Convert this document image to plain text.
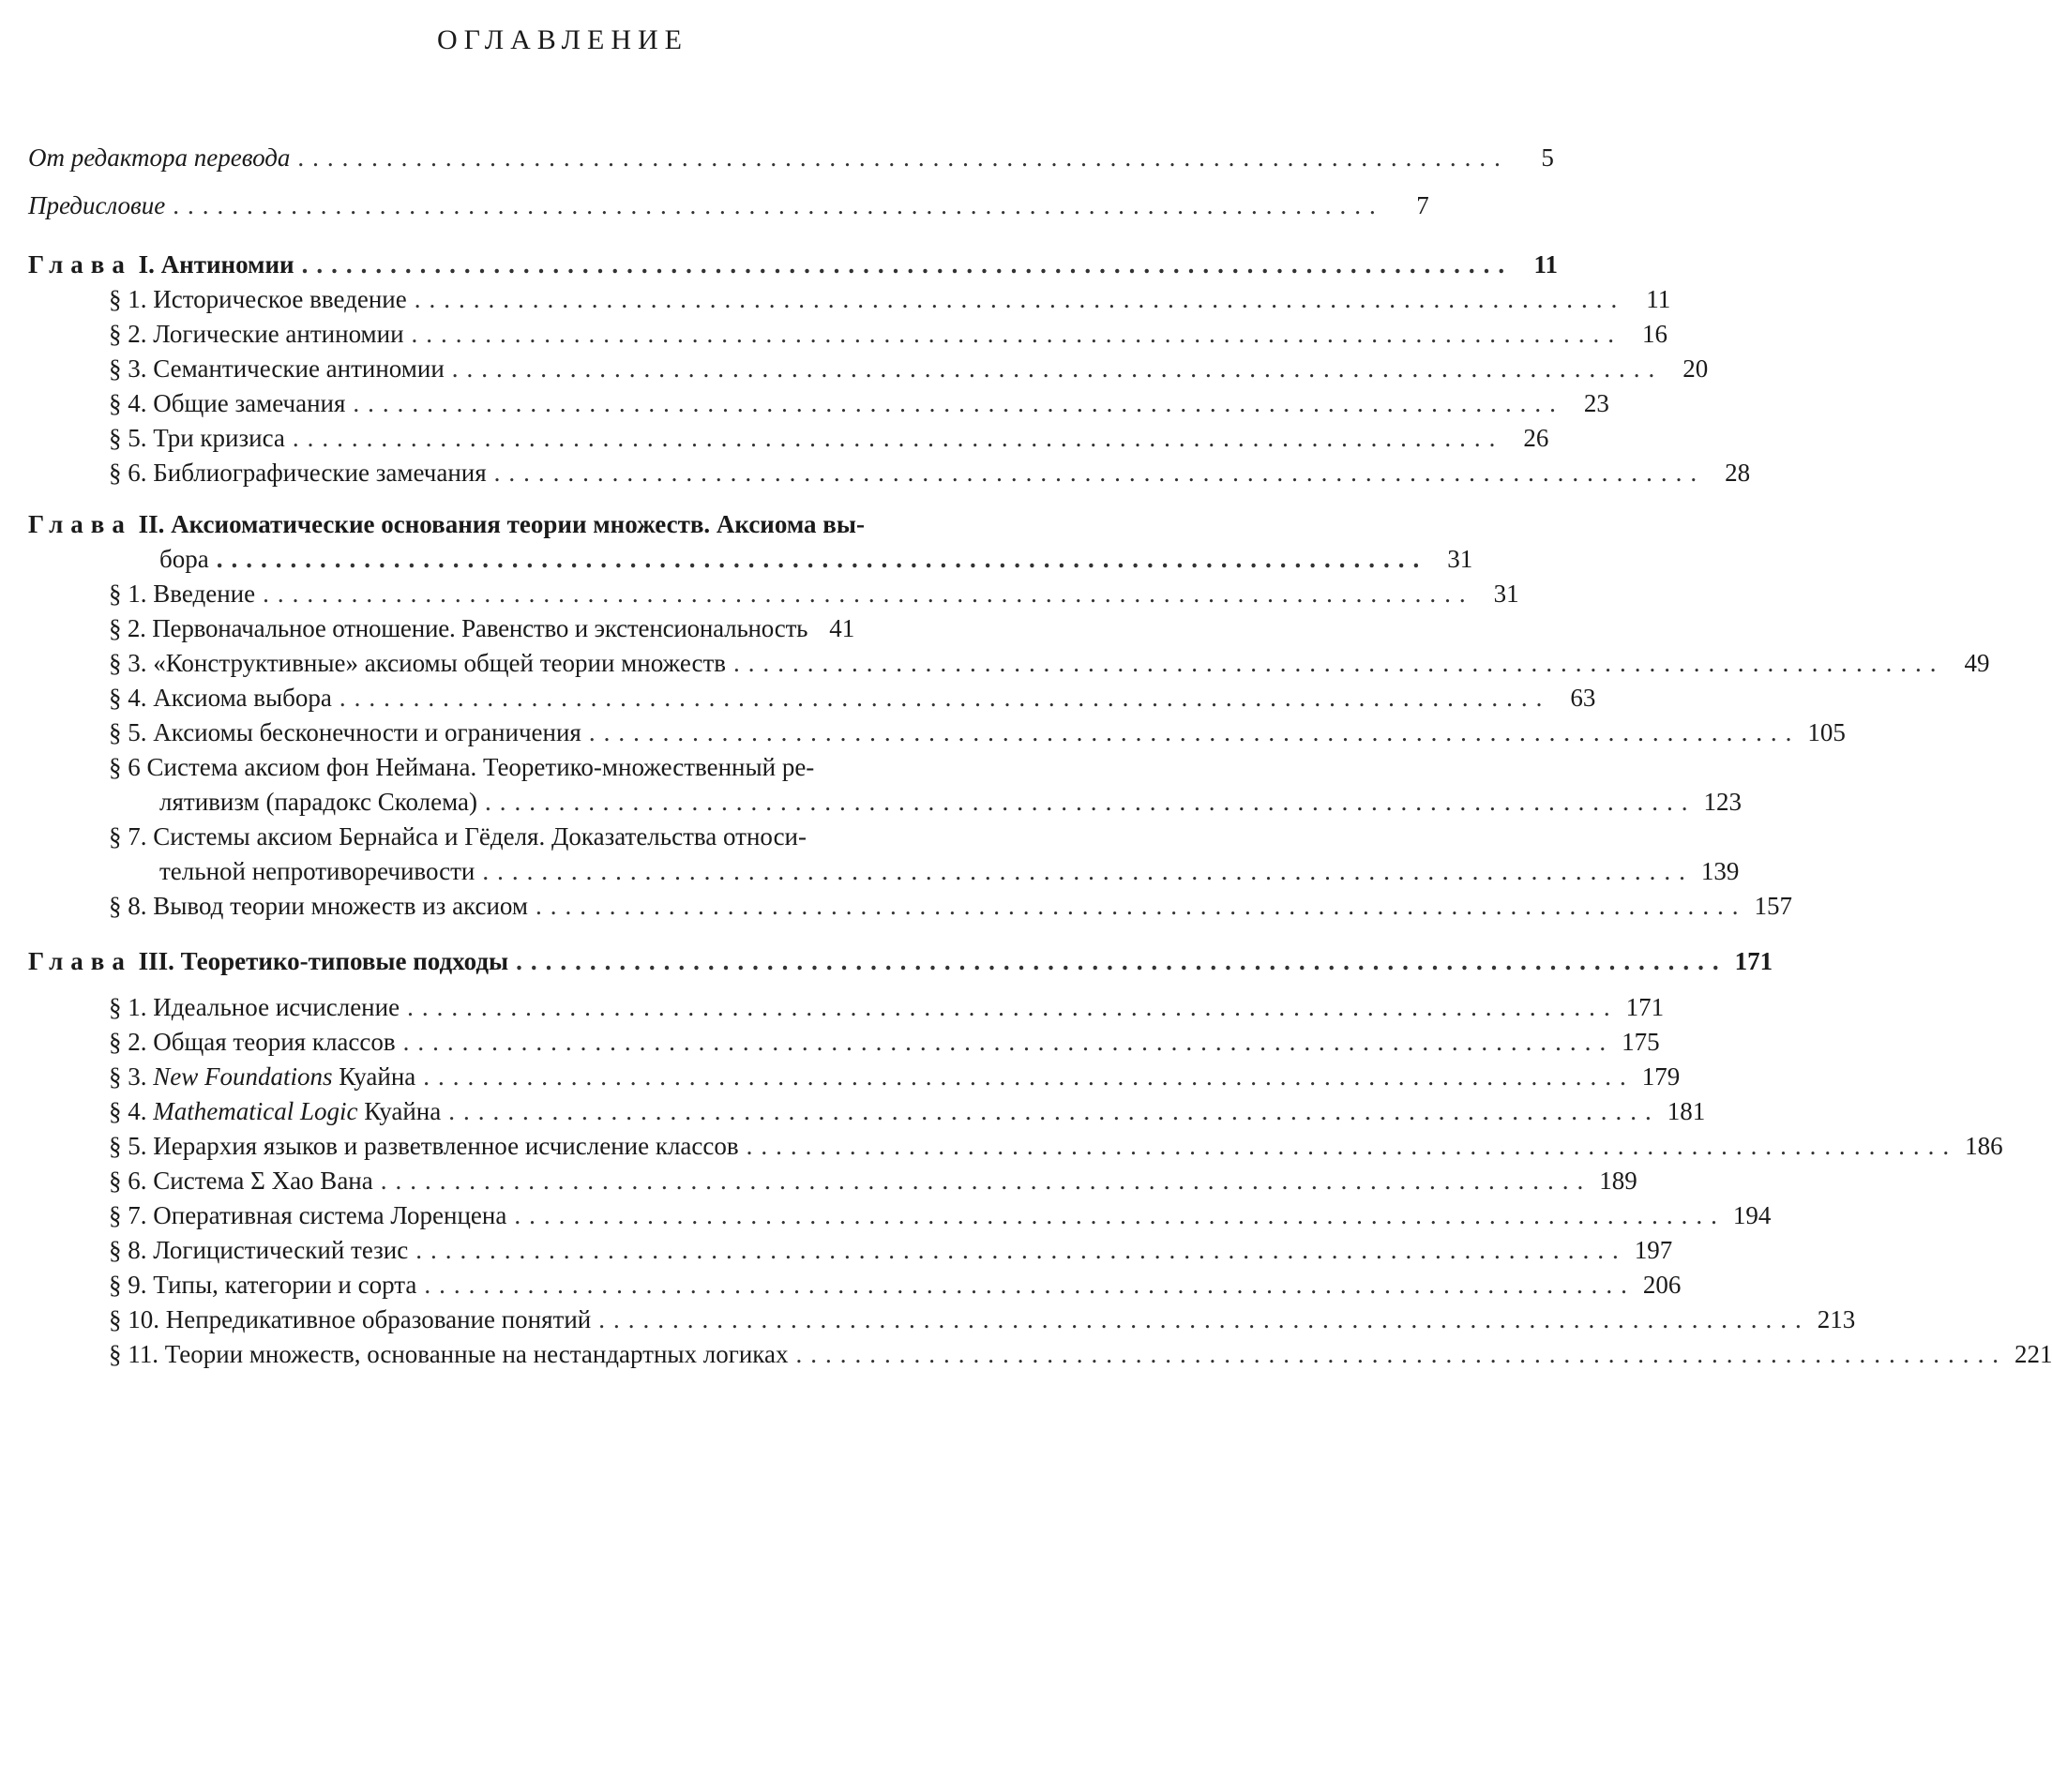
ОГЛАВЛЕНИЕ
От редактора перевода ..................................................................................	5
Предисловие ..................................................................................	7
Глава I. Антиномии .................................................................................. 11
§ 1. Историческое введение .................................................................................. 11
§ 2. Логические антиномии .................................................................................. 16
§ 3. Семантические антиномии .................................................................................. 20
§ 4. Общие замечания .................................................................................. 23
§ 5. Три кризиса .................................................................................. 26
§ 6. Библиографические замечания .................................................................................. 28
Глава II. Аксиоматические основания теории множеств. Аксиома вы-
бора .................................................................................. 31
§ 1. Введение .................................................................................. 31
§ 2. Первоначальное отношение. Равенство и экстенсиональность 41
§ 3. «Конструктивные» аксиомы общей теории множеств .................................................................................. 49
§ 4. Аксиома выбора .................................................................................. 63
§ 5. Аксиомы бесконечности и ограничения .................................................................................. 105
§ 6 Система аксиом фон Неймана. Теоретико-множественный ре-
лятивизм (парадокс Сколема) .................................................................................. 123
§ 7. Системы аксиом Бернайса и Гёделя. Доказательства относи-
тельной непротиворечивости .................................................................................. 139
§ 8. Вывод теории множеств из аксиом .................................................................................. 157
Глава III. Теоретико-типовые подходы .................................................................................. 171
§ 1. Идеальное исчисление .................................................................................. 171
§ 2. Общая теория классов .................................................................................. 175
§ 3. New Foundations Куайна .................................................................................. 179
§ 4. Mathematical Logic Куайна .................................................................................. 181
§ 5. Иерархия языков и разветвленное исчисление классов .................................................................................. 186
§ 6. Система Σ Хао Вана .................................................................................. 189
§ 7. Оперативная система Лоренцена .................................................................................. 194
§ 8. Логицистический тезис .................................................................................. 197
§ 9. Типы, категории и сорта .................................................................................. 206
§ 10. Непредикативное образование понятий .................................................................................. 213
§ 11. Теории множеств, основанные на нестандартных логиках .................................................................................. 221
